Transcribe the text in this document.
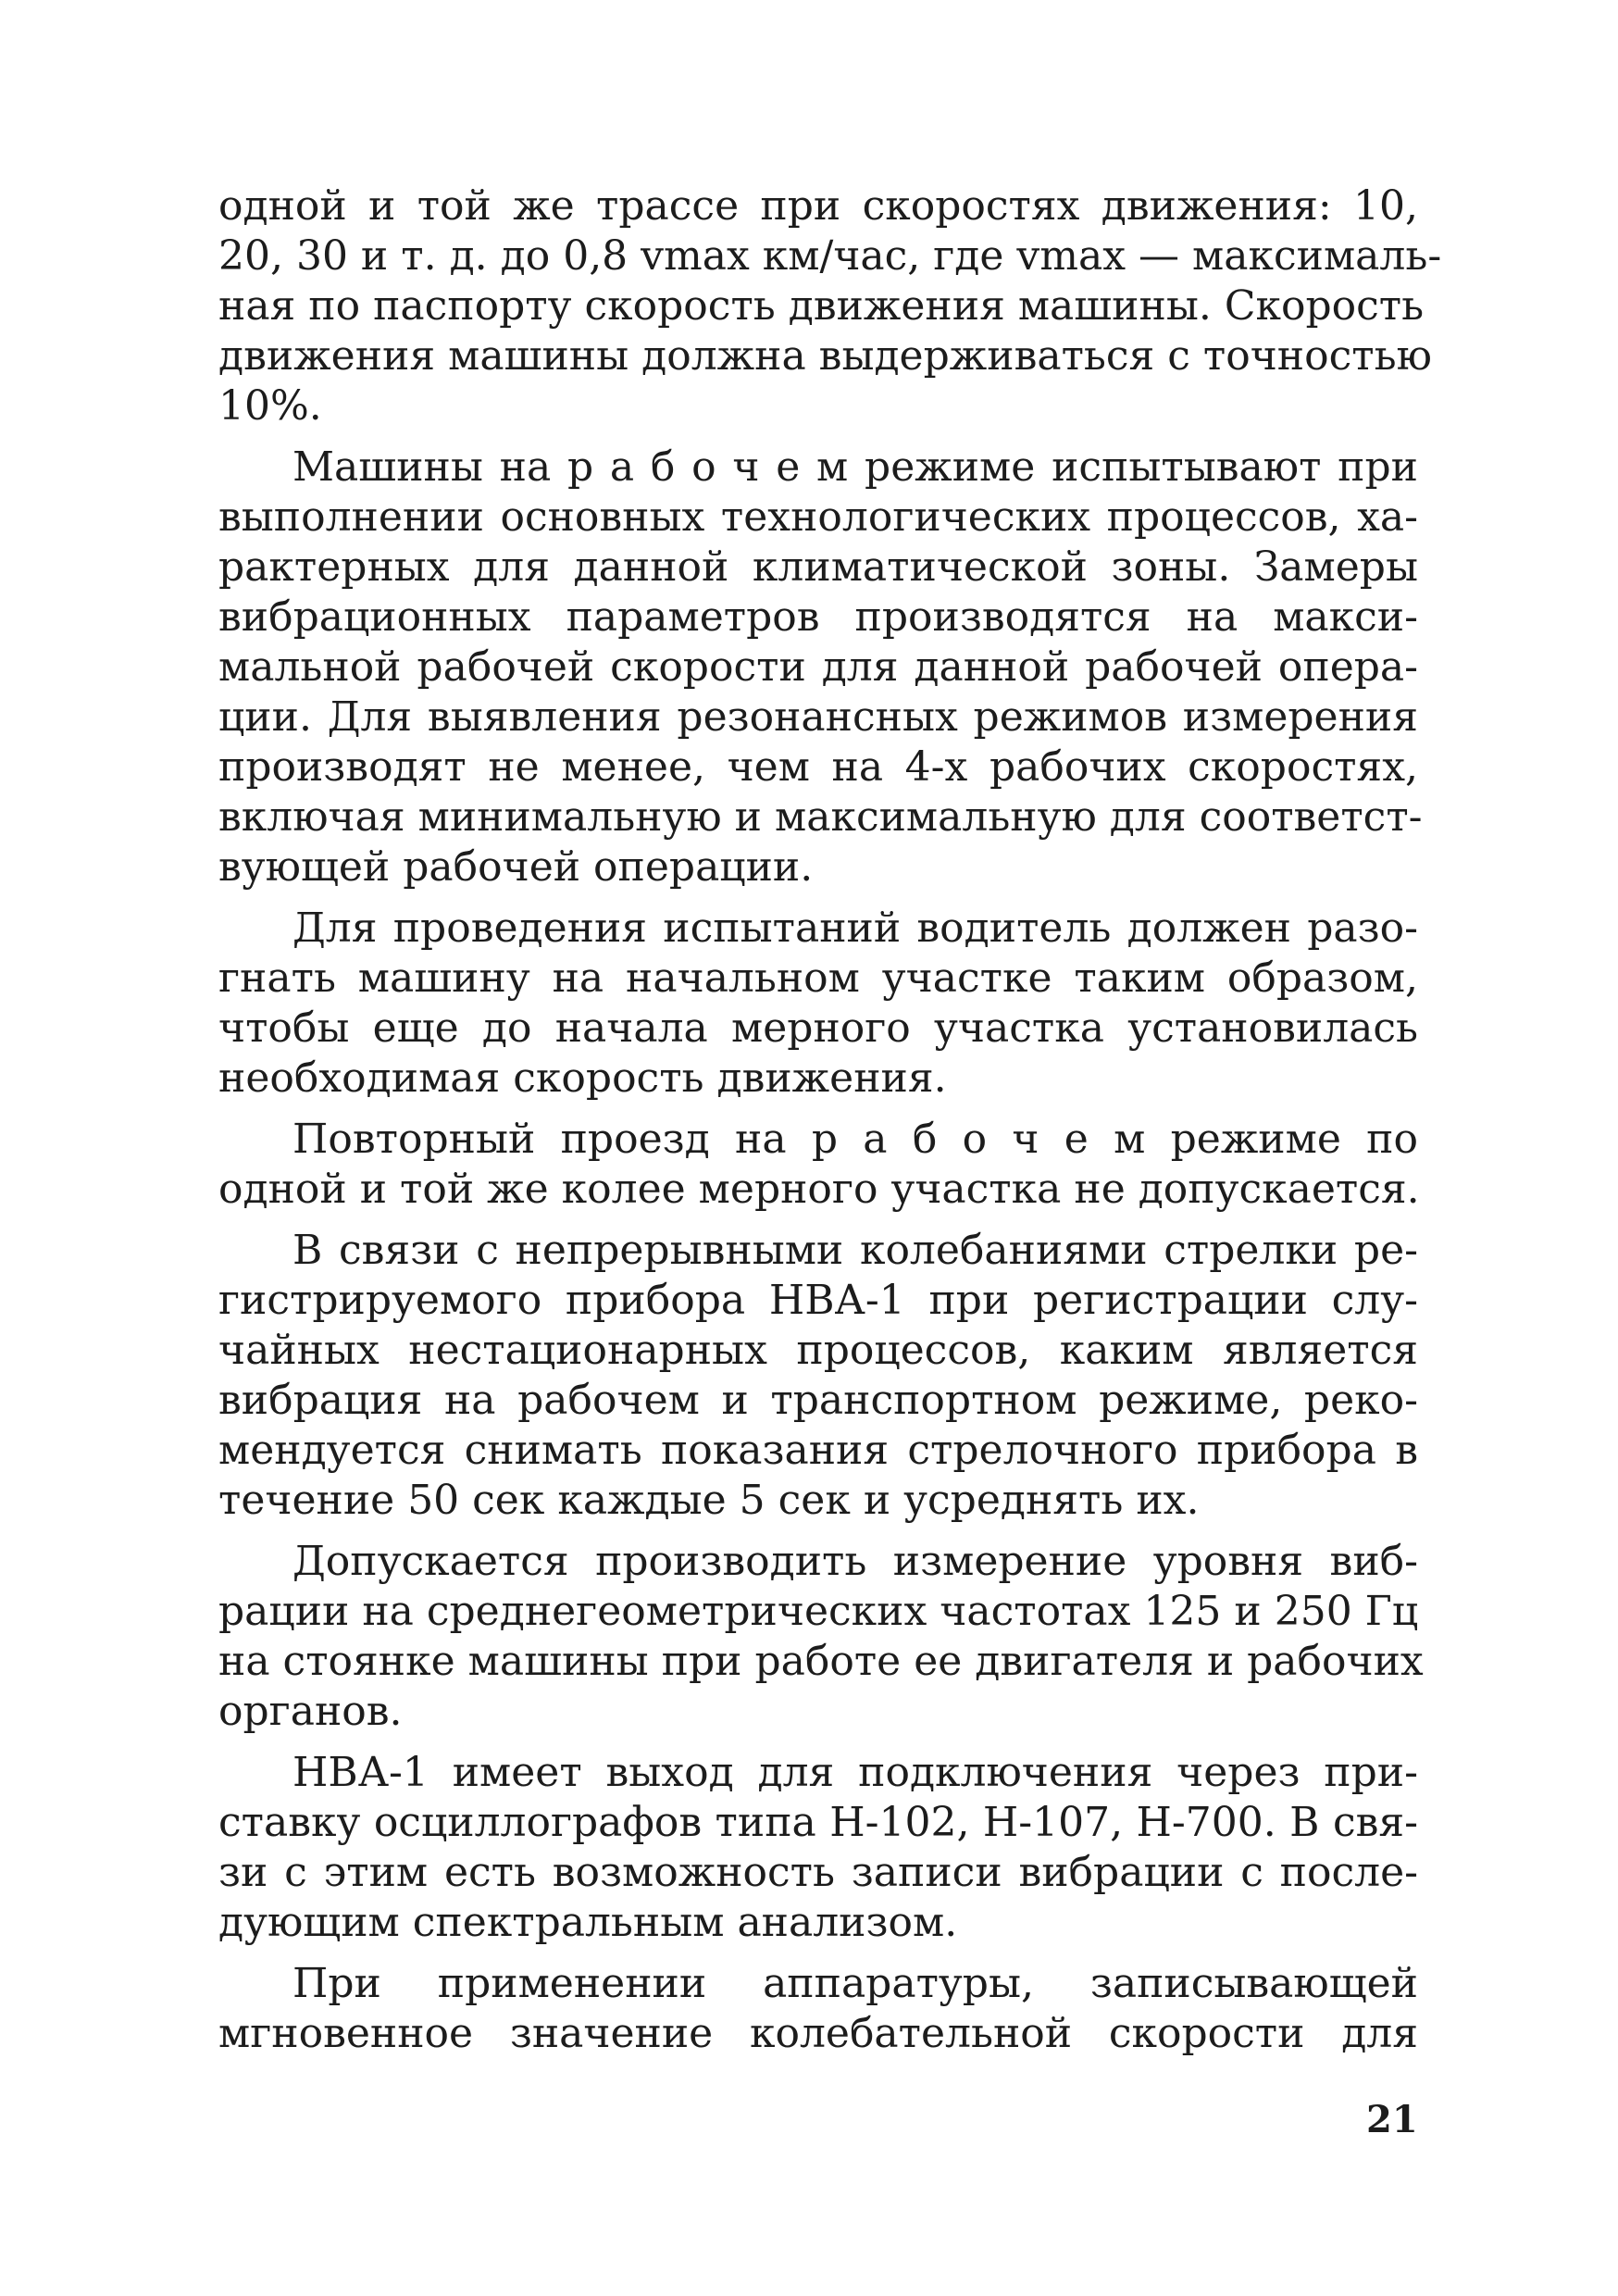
одной и той же трассе при скоростях движения: 10,
20, 30 и т. д. до 0,8 vmax км/час, где vmax — максималь-
ная по паспорту скорость движения машины. Скорость
движения машины должна выдерживаться с точностью
10%.
Машины на р а б о ч е м режиме испытывают при
выполнении основных технологических процессов, ха-
рактерных для данной климатической зоны. Замеры
вибрационных параметров производятся на макси-
мальной рабочей скорости для данной рабочей опера-
ции. Для выявления резонансных режимов измерения
производят не менее, чем на 4-х рабочих скоростях,
включая минимальную и максимальную для соответст-
вующей рабочей операции.
Для проведения испытаний водитель должен разо-
гнать машину на начальном участке таким образом,
чтобы еще до начала мерного участка установилась
необходимая скорость движения.
Повторный проезд на р а б о ч е м режиме по
одной и той же колее мерного участка не допускается.
В связи с непрерывными колебаниями стрелки ре-
гистрируемого прибора НВА-1 при регистрации слу-
чайных нестационарных процессов, каким является
вибрация на рабочем и транспортном режиме, реко-
мендуется снимать показания стрелочного прибора в
течение 50 сек каждые 5 сек и усреднять их.
Допускается производить измерение уровня виб-
рации на среднегеометрических частотах 125 и 250 Гц
на стоянке машины при работе ее двигателя и рабочих
органов.
НВА-1 имеет выход для подключения через при-
ставку осциллографов типа Н-102, Н-107, Н-700. В свя-
зи с этим есть возможность записи вибрации с после-
дующим спектральным анализом.
При применении аппаратуры, записывающей
мгновенное значение колебательной скорости для
21
